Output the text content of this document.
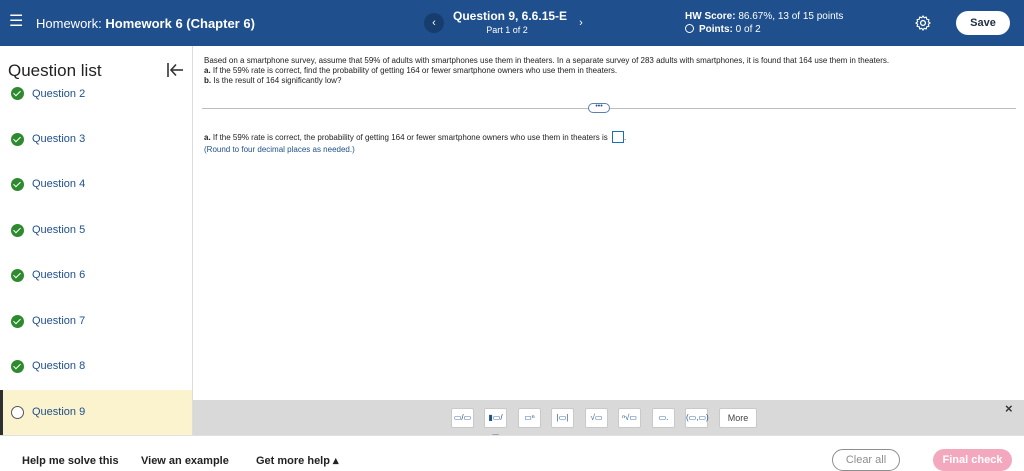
☰ Homework: Homework 6 (Chapter 6)	‹	Question 9, 6.6.15-E
Part 1 of 2
›
HW Score: 86.67%, 13 of 15 points
Points: 0 of 2
Save
Question list
Question 2
Question 3
Question 4
Question 5
Question 6
Question 7
Question 8
Question 9
Based on a smartphone survey, assume that 59% of adults with smartphones use them in theaters. In a separate survey of 283 adults with smartphones, it is found that 164 use them in theaters.
a. If the 59% rate is correct, find the probability of getting 164 or fewer smartphone owners who use them in theaters.
b. Is the result of 164 significantly low?
•••
a. If the 59% rate is correct, the probability of getting 164 or fewer smartphone owners who use them in theaters is .
(Round to four decimal places as needed.)
▭/▭	▮▭/	▭ⁿ	|▭|	√▭	ⁿ√▭	▭.	(▭,▭)	More
×
Help me solve this View an example Get more help ▴	Clear all	Final check
